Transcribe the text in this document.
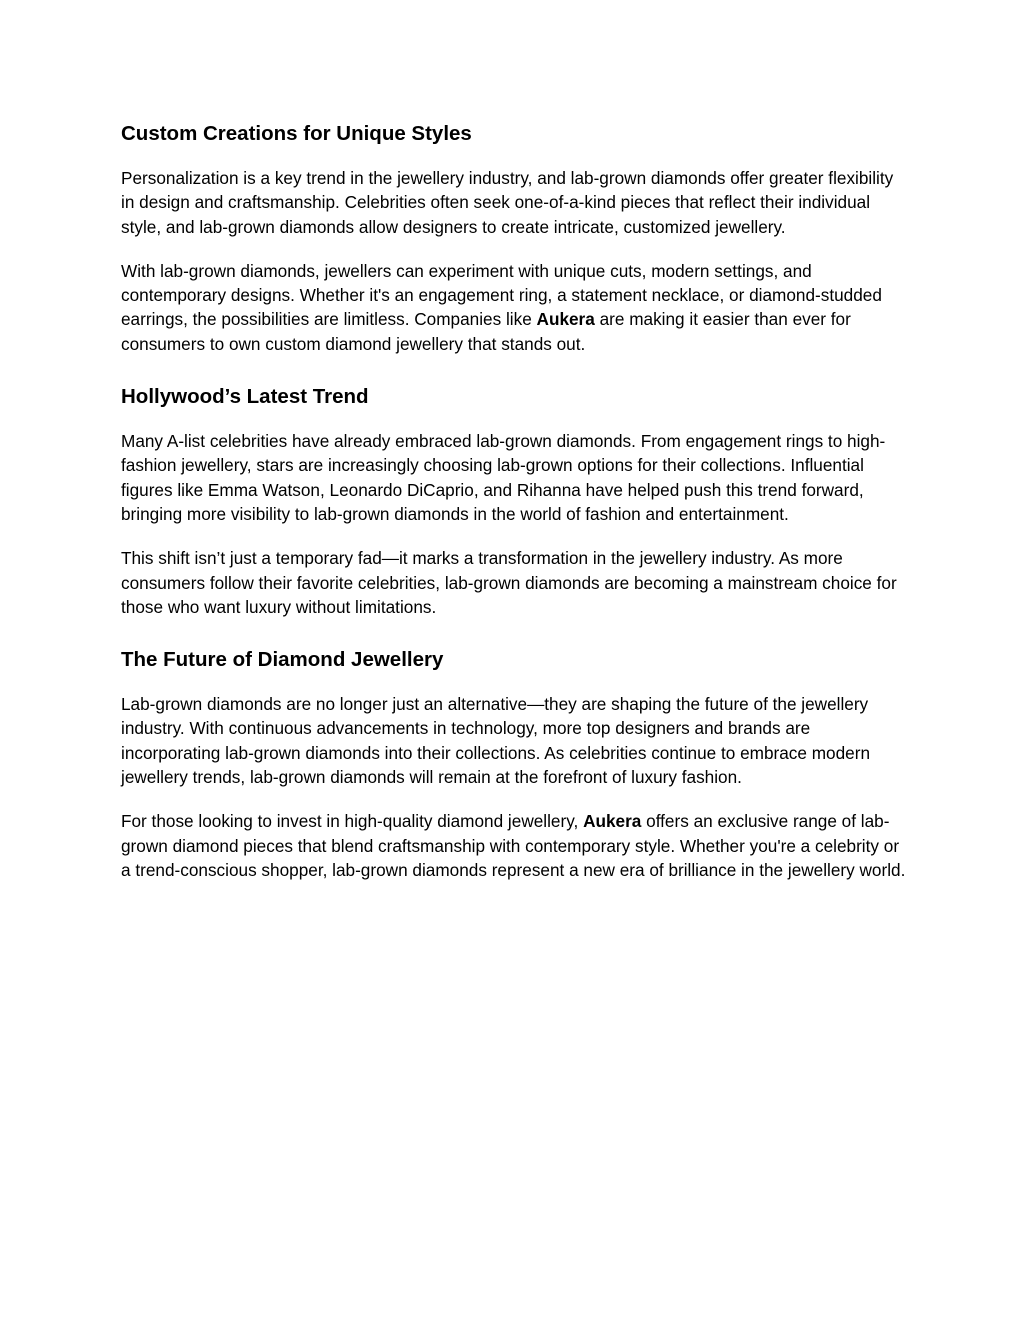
Custom Creations for Unique Styles

Personalization is a key trend in the jewellery industry, and lab-grown diamonds offer greater flexibility in design and craftsmanship. Celebrities often seek one-of-a-kind pieces that reflect their individual style, and lab-grown diamonds allow designers to create intricate, customized jewellery.

With lab-grown diamonds, jewellers can experiment with unique cuts, modern settings, and contemporary designs. Whether it's an engagement ring, a statement necklace, or diamond-studded earrings, the possibilities are limitless. Companies like Aukera are making it easier than ever for consumers to own custom diamond jewellery that stands out.

Hollywood’s Latest Trend

Many A-list celebrities have already embraced lab-grown diamonds. From engagement rings to high-fashion jewellery, stars are increasingly choosing lab-grown options for their collections. Influential figures like Emma Watson, Leonardo DiCaprio, and Rihanna have helped push this trend forward, bringing more visibility to lab-grown diamonds in the world of fashion and entertainment.

This shift isn’t just a temporary fad—it marks a transformation in the jewellery industry. As more consumers follow their favorite celebrities, lab-grown diamonds are becoming a mainstream choice for those who want luxury without limitations.

The Future of Diamond Jewellery

Lab-grown diamonds are no longer just an alternative—they are shaping the future of the jewellery industry. With continuous advancements in technology, more top designers and brands are incorporating lab-grown diamonds into their collections. As celebrities continue to embrace modern jewellery trends, lab-grown diamonds will remain at the forefront of luxury fashion.

For those looking to invest in high-quality diamond jewellery, Aukera offers an exclusive range of lab-grown diamond pieces that blend craftsmanship with contemporary style. Whether you're a celebrity or a trend-conscious shopper, lab-grown diamonds represent a new era of brilliance in the jewellery world.
